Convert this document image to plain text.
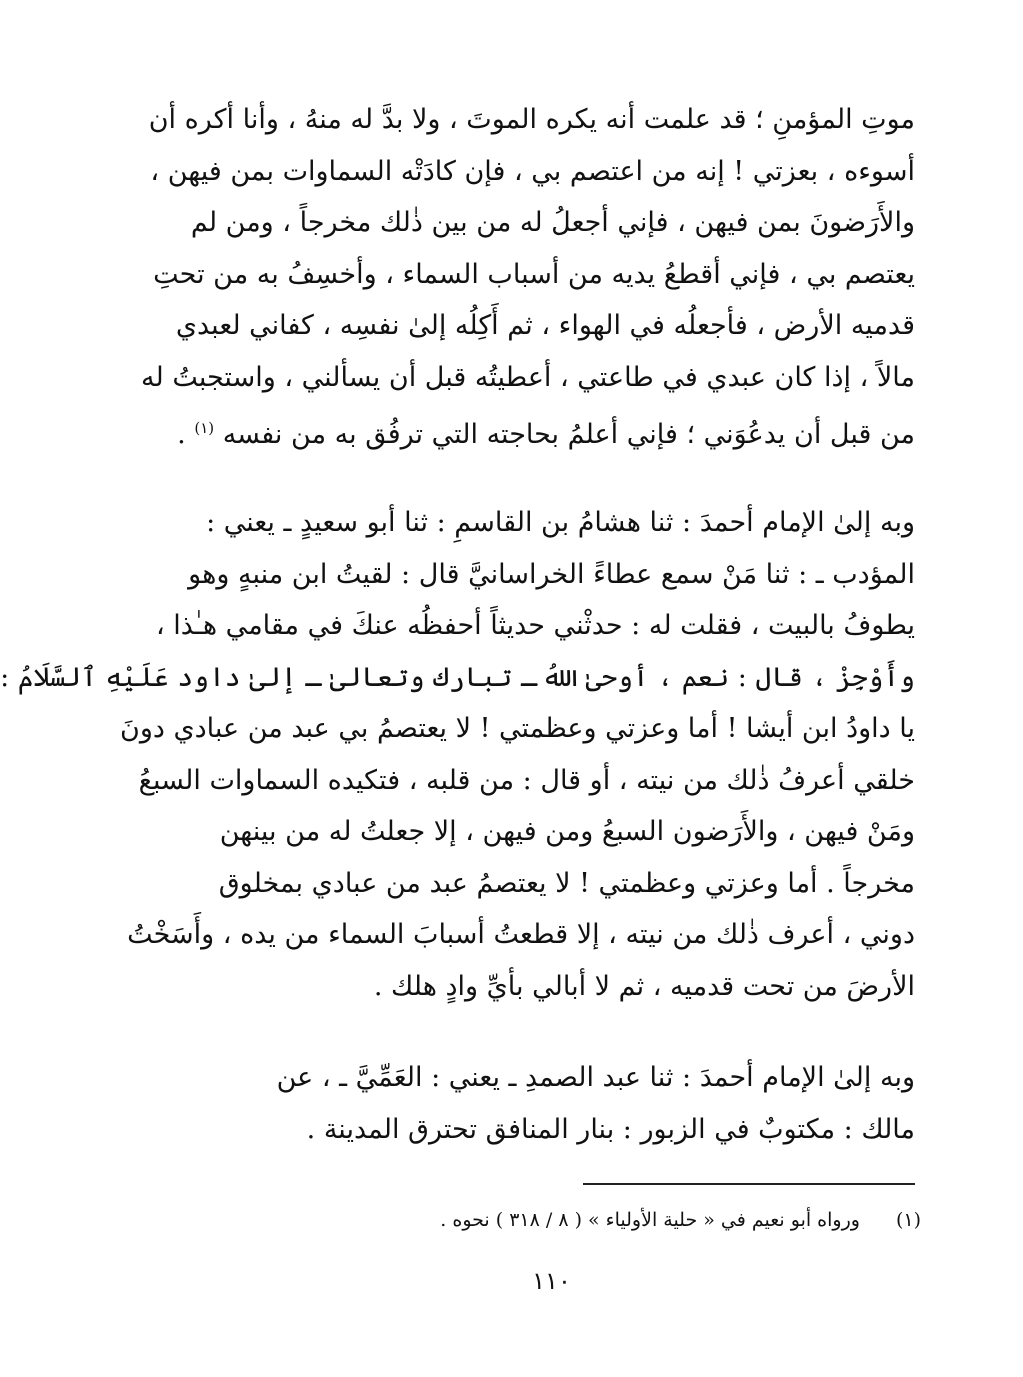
موتِ المؤمنِ ؛ قد علمت أنه يكره الموتَ ، ولا بدَّ له منهُ ، وأنا أكره أن
أسوءه ، بعزتي ! إنه من اعتصم بي ، فإن كادَتْه السماوات بمن فيهن ،
والأَرَضونَ بمن فيهن ، فإني أجعلُ له من بين ذٰلك مخرجاً ، ومن لم
يعتصم بي ، فإني أقطعُ يديه من أسباب السماء ، وأخسِفُ به من تحتِ
قدميه الأرض ، فأجعلُه في الهواء ، ثم أَكِلُه إلىٰ نفسِه ، كفاني لعبدي
مالاً ، إذا كان عبدي في طاعتي ، أعطيتُه قبل أن يسألني ، واستجبتُ له
من قبل أن يدعُوَني ؛ فإني أعلمُ بحاجته التي ترفُق به من نفسه $^{(١)}$ .
وبه إلىٰ الإمام أحمدَ : ثنا هشامُ بن القاسمِ : ثنا أبو سعيدٍ ـ يعني :
المؤدب ـ : ثنا مَنْ سمع عطاءً الخراسانيَّ قال : لقيتُ ابن منبهٍ وهو
يطوفُ بالبيت ، فقلت له : حدثْني حديثاً أحفظُه عنكَ في مقامي هـٰذا ،
وأَوْجِزْ ، قال : نعم ، أوحىٰ اللهُ ـ تبارك وتعالىٰ ـ إلىٰ داود عَلَيْهِ ٱلسَّلَامُ :
يا داودُ ابن أيشا ! أما وعزتي وعظمتي ! لا يعتصمُ بي عبد من عبادي دونَ
خلقي أعرفُ ذٰلك من نيته ، أو قال : من قلبه ، فتكيده السماوات السبعُ
ومَنْ فيهن ، والأَرَضون السبعُ ومن فيهن ، إلا جعلتُ له من بينهن
مخرجاً . أما وعزتي وعظمتي ! لا يعتصمُ عبد من عبادي بمخلوق
دوني ، أعرف ذٰلك من نيته ، إلا قطعتُ أسبابَ السماء من يده ، وأَسَخْتُ
الأرضَ من تحت قدميه ، ثم لا أبالي بأيِّ وادٍ هلك .
وبه إلىٰ الإمام أحمدَ : ثنا عبد الصمدِ ـ يعني : العَمِّيَّ ـ ، عن
مالك : مكتوبٌ في الزبور : بنار المنافق تحترق المدينة .
(١)ورواه أبو نعيم في « حلية الأولياء » ( ٨ / ٣١٨ ) نحوه .
١١٠
